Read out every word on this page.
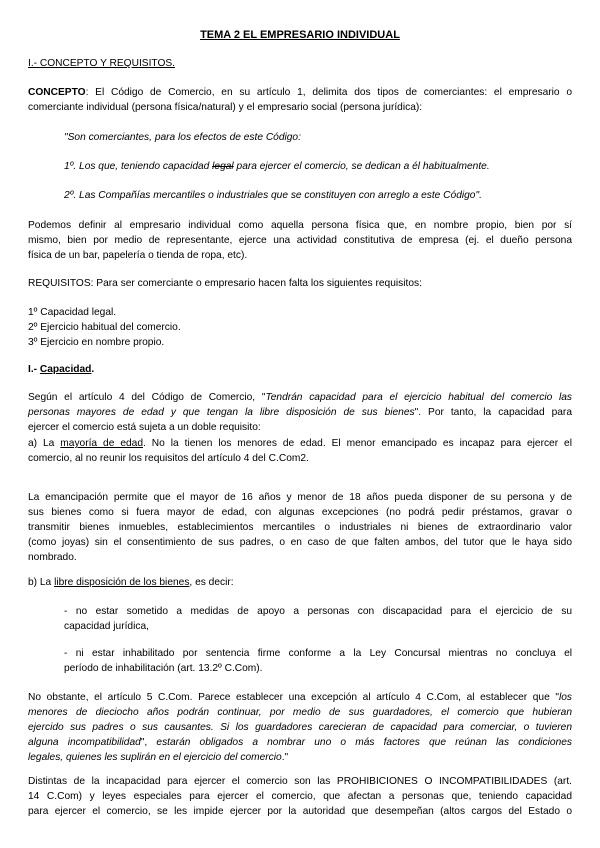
TEMA 2 EL EMPRESARIO INDIVIDUAL

I.- CONCEPTO Y REQUISITOS.

CONCEPTO: El Código de Comercio, en su artículo 1, delimita dos tipos de comerciantes: el empresario o
comerciante individual (persona física/natural) y el empresario social (persona jurídica):

"Son comerciantes, para los efectos de este Código:

1º. Los que, teniendo capacidad legal para ejercer el comercio, se dedican a él habitualmente.

2º. Las Compañías mercantiles o industriales que se constituyen con arreglo a este Código".

Podemos definir al empresario individual como aquella persona física que, en nombre propio, bien por sí
mismo, bien por medio de representante, ejerce una actividad constitutiva de empresa (ej. el dueño persona
física de un bar, papelería o tienda de ropa, etc).

REQUISITOS: Para ser comerciante o empresario hacen falta los siguientes requisitos:

1º Capacidad legal.
2º Ejercicio habitual del comercio.
3º Ejercicio en nombre propio.

I.- Capacidad.

Según el artículo 4 del Código de Comercio, "Tendrán capacidad para el ejercicio habitual del comercio las
personas mayores de edad y que tengan la libre disposición de sus bienes". Por tanto, la capacidad para
ejercer el comercio está sujeta a un doble requisito:
a) La mayoría de edad. No la tienen los menores de edad. El menor emancipado es incapaz para ejercer el
comercio, al no reunir los requisitos del artículo 4 del C.Com2.
La emancipación permite que el mayor de 16 años y menor de 18 años pueda disponer de su persona y de
sus bienes como si fuera mayor de edad, con algunas excepciones (no podrá pedir préstamos, gravar o
transmitir bienes inmuebles, establecimientos mercantiles o industriales ni bienes de extraordinario valor
(como joyas) sin el consentimiento de sus padres, o en caso de que falten ambos, del tutor que le haya sido
nombrado.

b) La libre disposición de los bienes, es decir:

- no estar sometido a medidas de apoyo a personas con discapacidad para el ejercicio de su
capacidad jurídica,
- ni estar inhabilitado por sentencia firme conforme a la Ley Concursal mientras no concluya el
período de inhabilitación (art. 13.2º C.Com).
No obstante, el artículo 5 C.Com. Parece establecer una excepción al artículo 4 C.Com, al establecer que "los
menores de dieciocho años podrán continuar, por medio de sus guardadores, el comercio que hubieran
ejercido sus padres o sus causantes. Si los guardadores carecieran de capacidad para comerciar, o tuvieren
alguna incompatibilidad", estarán obligados a nombrar uno o más factores que reúnan las condiciones
legales, quienes les suplirán en el ejercicio del comercio."
Distintas de la incapacidad para ejercer el comercio son las PROHIBICIONES O INCOMPATIBILIDADES (art.
14 C.Com) y leyes especiales para ejercer el comercio, que afectan a personas que, teniendo capacidad
para ejercer el comercio, se les impide ejercer por la autoridad que desempeñan (altos cargos del Estado o
